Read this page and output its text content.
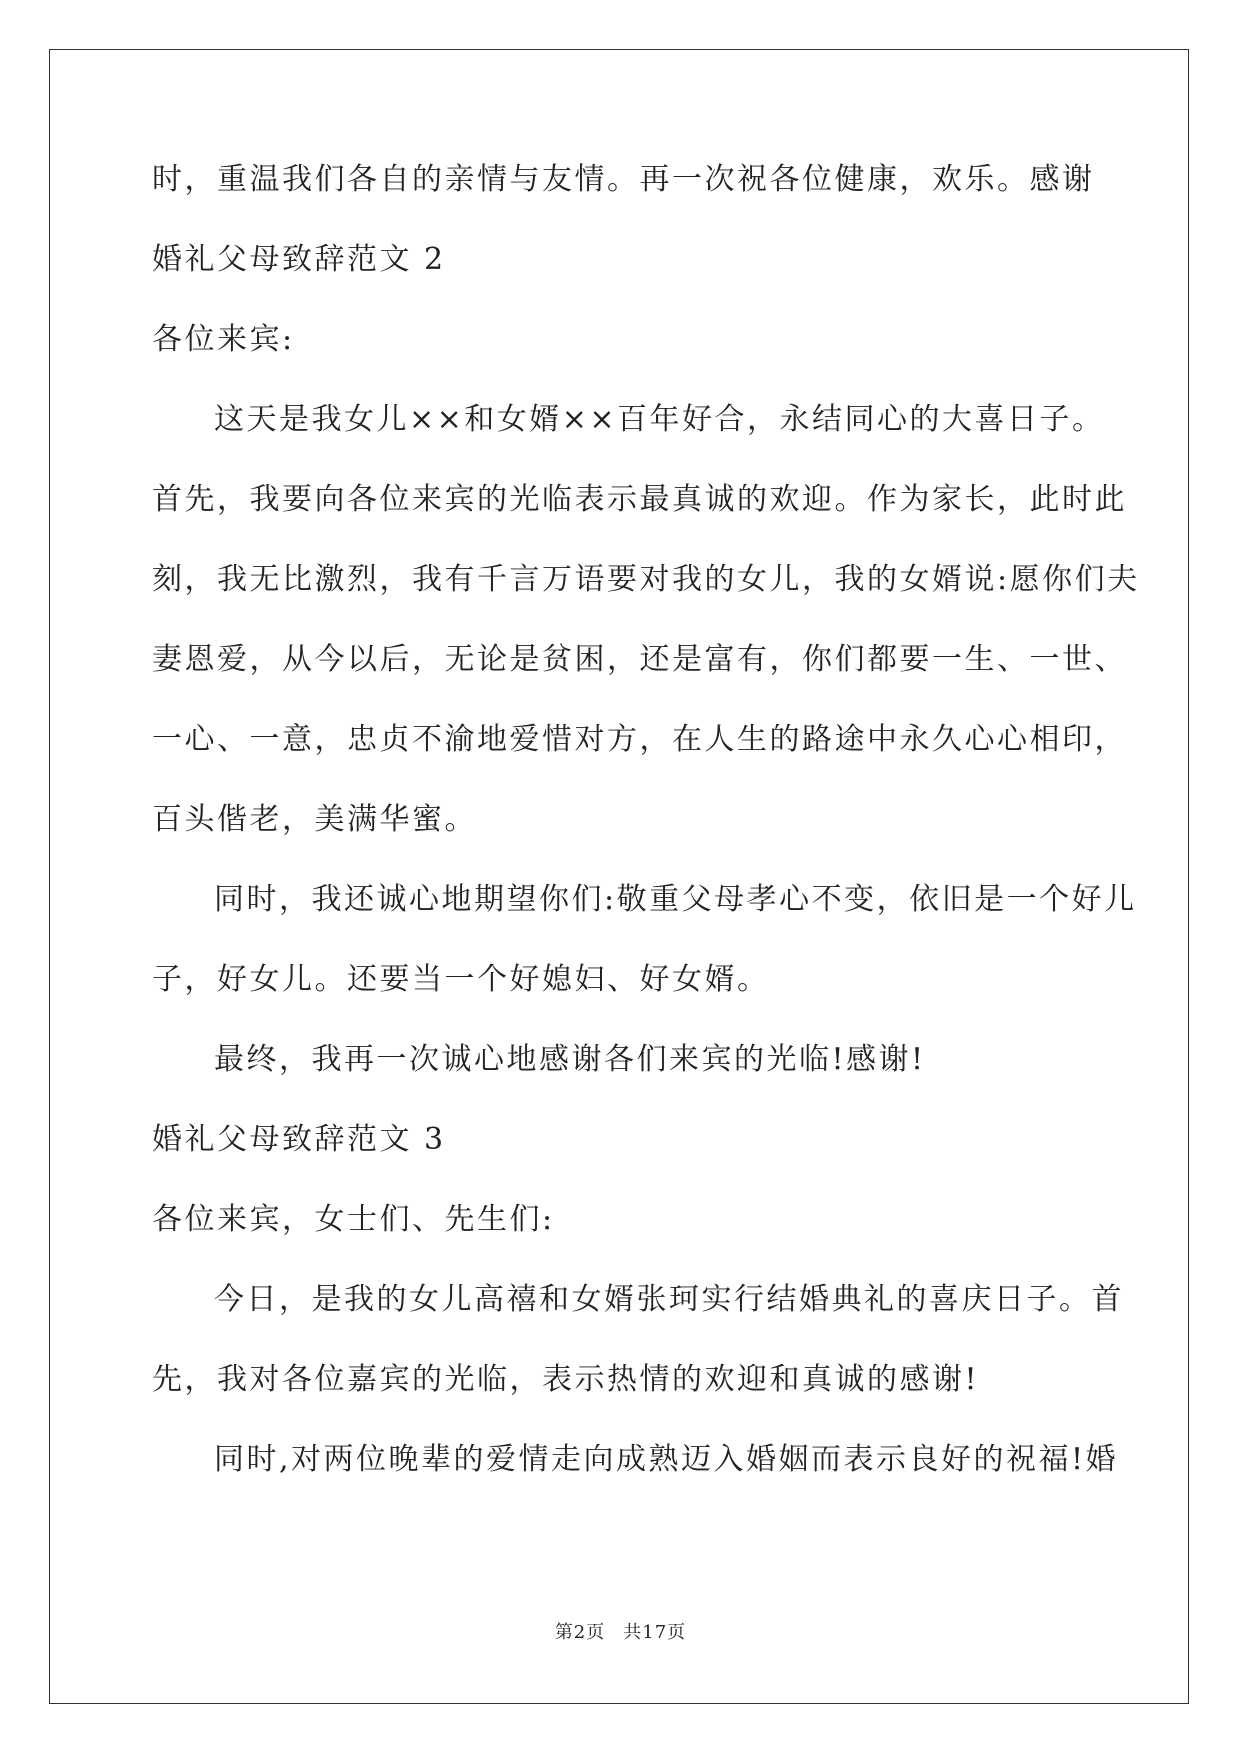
时，重温我们各自的亲情与友情。再一次祝各位健康，欢乐。感谢
婚礼父母致辞范文 2
各位来宾:
这天是我女儿××和女婿××百年好合，永结同心的大喜日子。
首先，我要向各位来宾的光临表示最真诚的欢迎。作为家长，此时此
刻，我无比激烈，我有千言万语要对我的女儿，我的女婿说:愿你们夫
妻恩爱，从今以后，无论是贫困，还是富有，你们都要一生、一世、
一心、一意，忠贞不渝地爱惜对方，在人生的路途中永久心心相印，
百头偕老，美满华蜜。
同时，我还诚心地期望你们:敬重父母孝心不变，依旧是一个好儿
子，好女儿。还要当一个好媳妇、好女婿。
最终，我再一次诚心地感谢各们来宾的光临!感谢!
婚礼父母致辞范文 3
各位来宾，女士们、先生们:
今日，是我的女儿高禧和女婿张珂实行结婚典礼的喜庆日子。首
先，我对各位嘉宾的光临，表示热情的欢迎和真诚的感谢!
同时,对两位晚辈的爱情走向成熟迈入婚姻而表示良好的祝福!婚
第2页 共17页
